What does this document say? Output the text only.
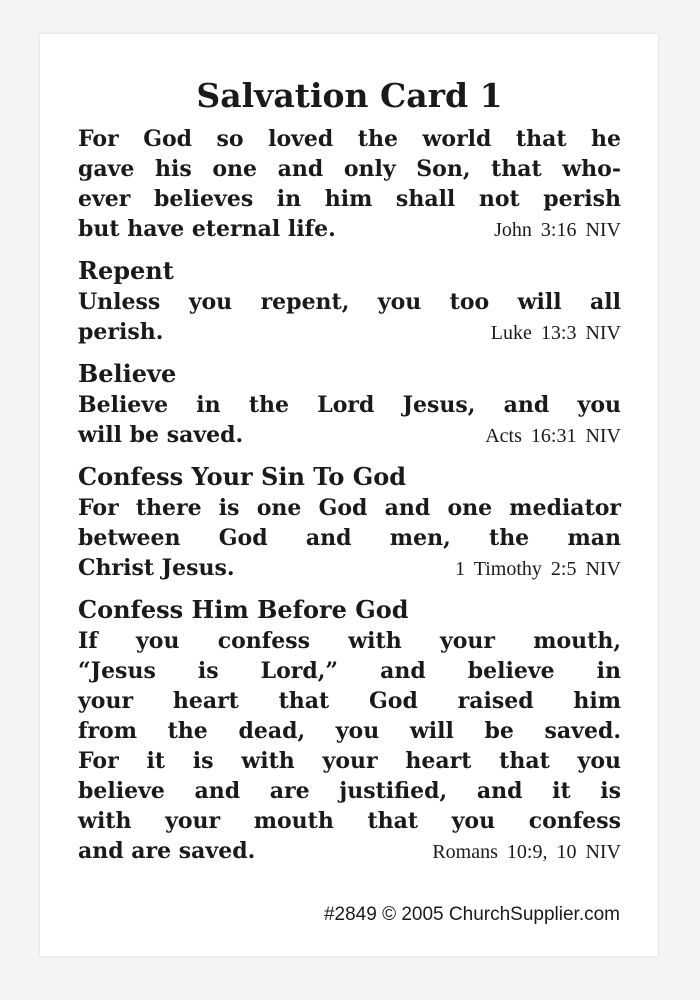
Salvation Card 1
For God so loved the world that he
gave his one and only Son, that who-
ever believes in him shall not perish
but have eternal life.	John 3:16 NIV
Repent
Unless you repent, you too will all
perish.	Luke 13:3 NIV
Believe
Believe in the Lord Jesus, and you
will be saved.	Acts 16:31 NIV
Confess Your Sin To God
For there is one God and one mediator
between God and men, the man
Christ Jesus.	1 Timothy 2:5 NIV
Confess Him Before God
If you confess with your mouth,
“Jesus is Lord,” and believe in
your heart that God raised him
from the dead, you will be saved.
For it is with your heart that you
believe and are justified, and it is
with your mouth that you confess
and are saved.	Romans 10:9, 10 NIV
#2849 © 2005 ChurchSupplier.com
